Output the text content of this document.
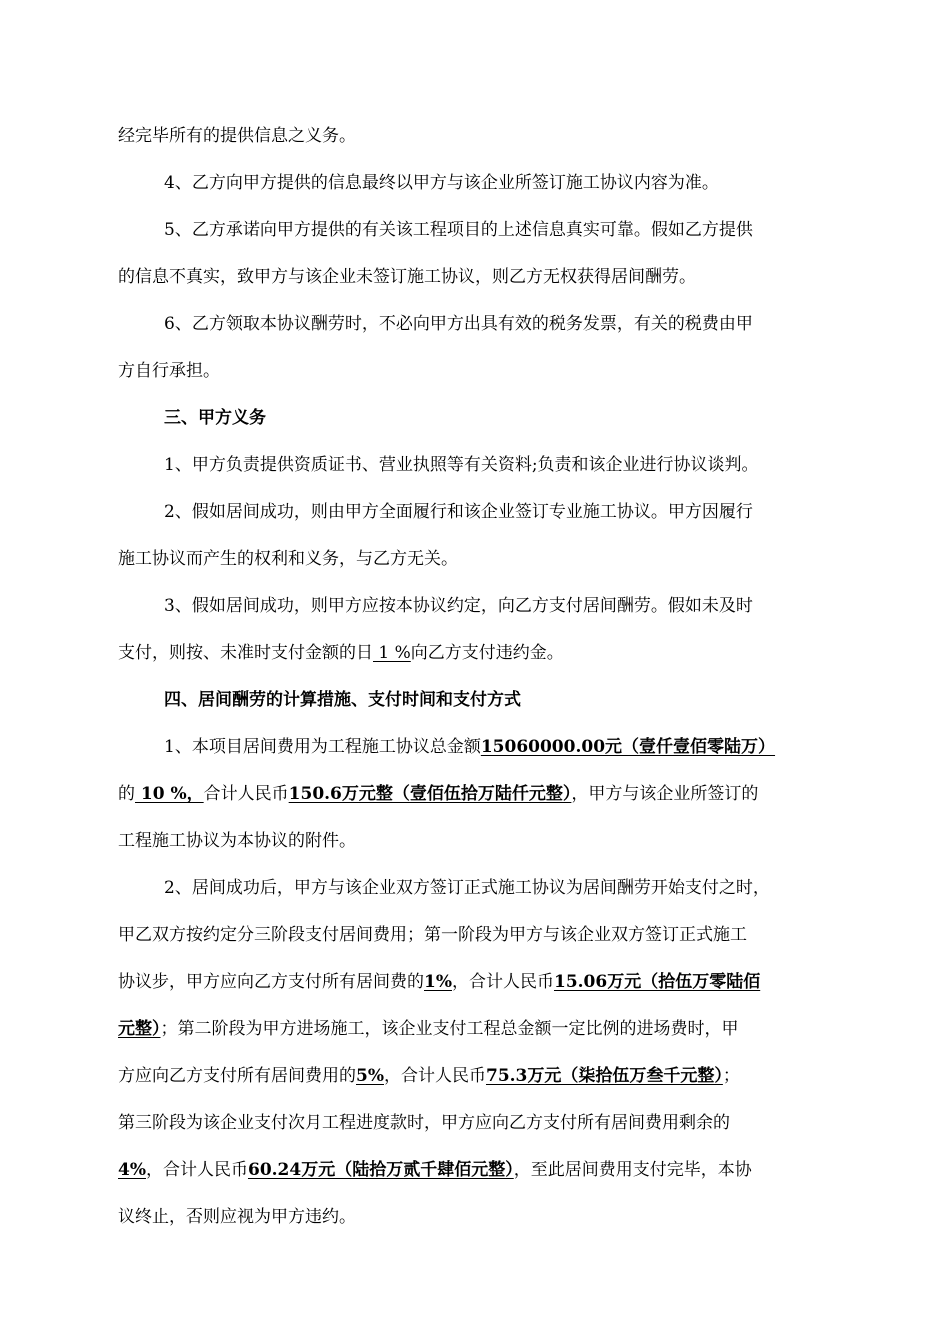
经完毕所有的提供信息之义务。
4、乙方向甲方提供的信息最终以甲方与该企业所签订施工协议内容为准。
5、乙方承诺向甲方提供的有关该工程项目的上述信息真实可靠。假如乙方提供
的信息不真实，致甲方与该企业未签订施工协议，则乙方无权获得居间酬劳。
6、乙方领取本协议酬劳时，不必向甲方出具有效的税务发票，有关的税费由甲
方自行承担。
三、甲方义务
1、甲方负责提供资质证书、营业执照等有关资料;负责和该企业进行协议谈判。
2、假如居间成功，则由甲方全面履行和该企业签订专业施工协议。甲方因履行
施工协议而产生的权利和义务，与乙方无关。
3、假如居间成功，则甲方应按本协议约定，向乙方支付居间酬劳。假如未及时
支付，则按、未准时支付金额的日 1 %向乙方支付违约金。
四、居间酬劳的计算措施、支付时间和支付方式
1、本项目居间费用为工程施工协议总金额15060000.00元（壹仟壹佰零陆万）
的 10 %，合计人民币150.6万元整（壹佰伍拾万陆仟元整），甲方与该企业所签订的
工程施工协议为本协议的附件。
2、居间成功后，甲方与该企业双方签订正式施工协议为居间酬劳开始支付之时，
甲乙双方按约定分三阶段支付居间费用；第一阶段为甲方与该企业双方签订正式施工
协议步，甲方应向乙方支付所有居间费的1%，合计人民币15.06万元（拾伍万零陆佰
元整）；第二阶段为甲方进场施工，该企业支付工程总金额一定比例的进场费时，甲
方应向乙方支付所有居间费用的5%，合计人民币75.3万元（柒拾伍万叁千元整）；
第三阶段为该企业支付次月工程进度款时，甲方应向乙方支付所有居间费用剩余的
4%，合计人民币60.24万元（陆拾万贰千肆佰元整），至此居间费用支付完毕，本协
议终止，否则应视为甲方违约。
